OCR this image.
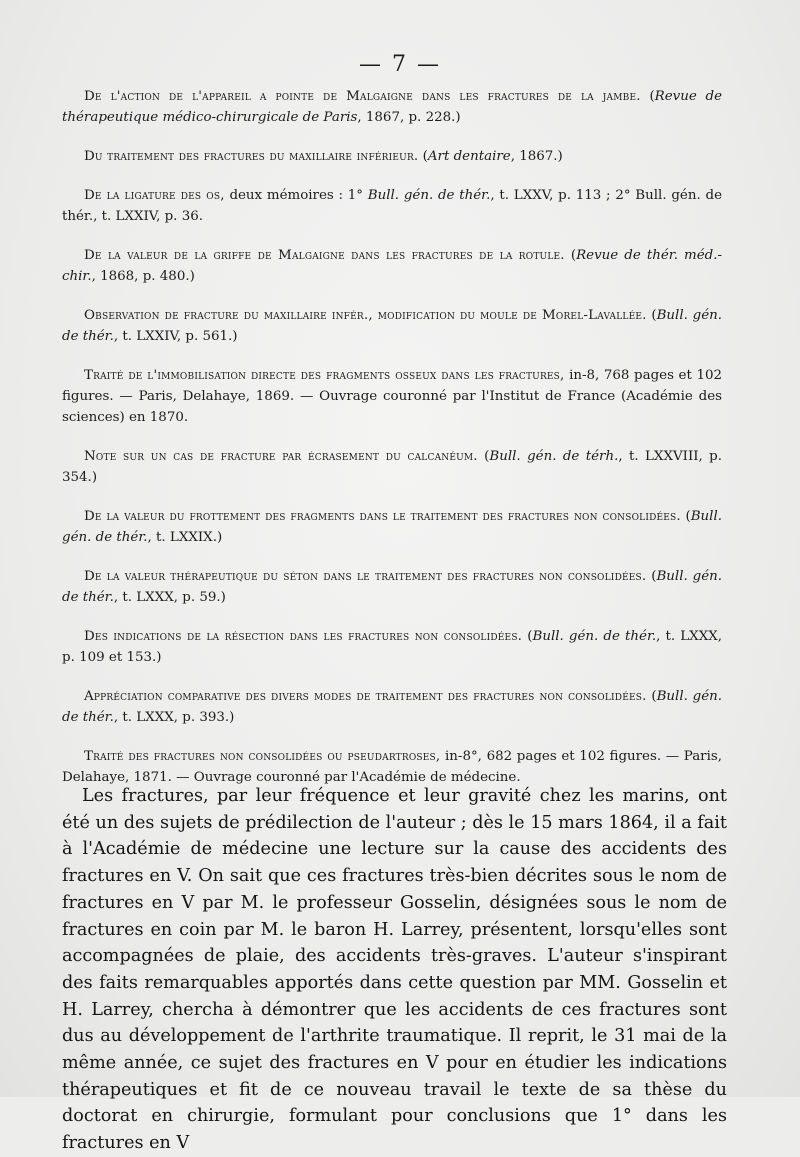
— 7 —

De l'action de l'appareil a pointe de Malgaigne dans les fractures de la jambe. (Revue de thérapeutique médico-chirurgicale de Paris, 1867, p. 228.)

Du traitement des fractures du maxillaire inférieur. (Art dentaire, 1867.)

De la ligature des os, deux mémoires : 1° Bull. gén. de thér., t. LXXV, p. 113 ; 2° Bull. gén. de thér., t. LXXIV, p. 36.

De la valeur de la griffe de Malgaigne dans les fractures de la rotule. (Revue de thér. méd.-chir., 1868, p. 480.)

Observation de fracture du maxillaire infér., modification du moule de Morel-Lavallée. (Bull. gén. de thér., t. LXXIV, p. 561.)

Traité de l'immobilisation directe des fragments osseux dans les fractures, in-8, 768 pages et 102 figures. — Paris, Delahaye, 1869. — Ouvrage couronné par l'Institut de France (Académie des sciences) en 1870.

Note sur un cas de fracture par écrasement du calcanéum. (Bull. gén. de térh., t. LXXVIII, p. 354.)

De la valeur du frottement des fragments dans le traitement des fractures non consolidées. (Bull. gén. de thér., t. LXXIX.)

De la valeur thérapeutique du séton dans le traitement des fractures non consolidées. (Bull. gén. de thér., t. LXXX, p. 59.)

Des indications de la résection dans les fractures non consolidées. (Bull. gén. de thér., t. LXXX, p. 109 et 153.)

Appréciation comparative des divers modes de traitement des fractures non consolidées. (Bull. gén. de thér., t. LXXX, p. 393.)

Traité des fractures non consolidées ou pseudartroses, in-8°, 682 pages et 102 figures. — Paris, Delahaye, 1871. — Ouvrage couronné par l'Académie de médecine.

Les fractures, par leur fréquence et leur gravité chez les marins, ont été un des sujets de prédilection de l'auteur ; dès le 15 mars 1864, il a fait à l'Académie de médecine une lecture sur la cause des accidents des fractures en V. On sait que ces fractures très-bien décrites sous le nom de fractures en V par M. le professeur Gosselin, désignées sous le nom de fractures en coin par M. le baron H. Larrey, présentent, lorsqu'elles sont accompagnées de plaie, des accidents très-graves. L'auteur s'inspirant des faits remarquables apportés dans cette question par MM. Gosselin et H. Larrey, chercha à démontrer que les accidents de ces fractures sont dus au développement de l'arthrite traumatique. Il reprit, le 31 mai de la même année, ce sujet des fractures en V pour en étudier les indications thérapeutiques et fit de ce nouveau travail le texte de sa thèse du doctorat en chirurgie, formulant pour conclusions que 1° dans les fractures en V
